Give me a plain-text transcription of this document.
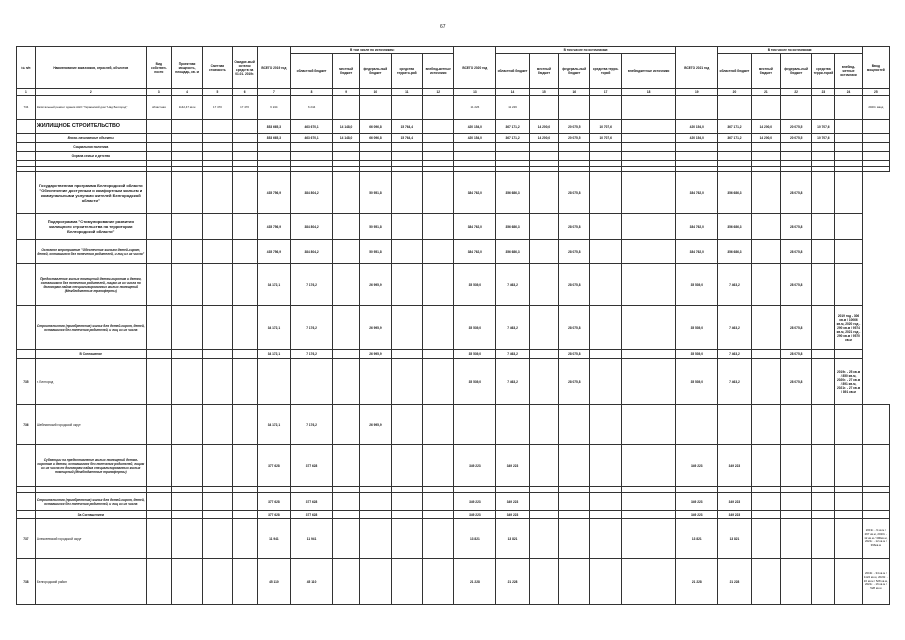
67
№ п/п	Наименование заказчиков, отраслей, объектов	Вид собствен-ности	Проектная мощность, площадь, кв. м	Сметная стоимость	Ожидае-мый остаток средств на 01.01. 2019г.	ВСЕГО 2019 год	В том числе по источникам:					ВСЕГО 2020 год	В том числе по источникам:					ВСЕГО 2021 год	В том числе по источникам:					Ввод мощностей
							областной бюджет	местный бюджет	федераль-ный бюджет	средства террито-рий	внебюд-жетные источники		областной бюджет	местный бюджет	федераль-ный бюджет	средства терри-торий	внебюджетные источники		областной бюджет	местный бюджет	федераль-ный бюджет	средства терри-торий	внебюд-жетные источники	
1	2	3	4	5	6	7	8	9	10	11	12	13	14	15	16	17	18	19	20	21	22	23	24	25
734	Капитальный ремонт здания АНО "Украинский дом "Над Белгород"	областная	1142,47 кв.м	17 470	17 470	6 244	6 244					11 226	11 226											2020г. ввод
	ЖИЛИЩНОЕ СТРОИТЕЛЬСТВО					853 665,3	463 670,1	14 148,0	66 096,8	15 764,4		420 154,0	367 171,2	14 200,0	20 075,5	10 707,6		420 154,0	367 171,2	14 200,0	20 075,5	10 707,6		
	Вновь начинаемые объекты					853 665,3	463 670,1	14 148,0	66 096,8	15 764,4		420 154,0	367 171,2	14 200,0	20 075,5	10 707,6		420 154,0	367 171,2	14 200,0	20 075,5	10 707,6		
	Социальная политика																							
	Охрана семьи и детства																							

	Государственная программа Белгородской области "Обеспечение доступным и комфортным жильем и коммунальными услугами жителей Белгородской области"					435 756,9	384 804,2		50 951,8			384 762,0	356 686,3		28 075,8			384 762,0	356 686,3		28 075,8			
	Подпрограмма "Стимулирование развития жилищного строительства на территории Белгородской области"					435 756,9	384 804,2		50 951,8			384 762,0	356 686,3		28 075,8			384 762,0	356 686,3		28 075,8			
	Основное мероприятие "Обеспечение жильем детей-сирот, детей, оставшихся без попечения родителей, и лиц из их числа"					435 756,9	384 804,2		50 951,8			384 762,0	356 686,3		28 075,8			384 762,0	356 686,3		28 075,8			
	Предоставление жилых помещений детям-сиротам и детям, оставшимся без попечения родителей, лицам из их числа по договорам найма специализированных жилых помещений (Межбюджетные трансферты)					34 172,1	7 176,2		26 995,9			35 539,0	7 463,2		28 075,8			35 539,0	7 463,2		28 075,8			
	Строительство (приобретение) жилья для детей-сирот, детей, оставшихся без попечения родителей, и лиц из их числа					34 172,1	7 176,2		26 995,9			35 539,0	7 463,2		28 075,8			35 539,0	7 463,2		28 075,8		2019 год - 306 кв.м / 10066 кв.м, 2020 год - 290 кв.м / 9574 кв.м, 2021 год - 290 кв.м / 9570 кв.м	
	В Соглашение					34 172,1	7 176,2		26 995,9			35 539,0	7 463,2		28 075,8			35 539,0	7 463,2		28 075,8			
735	г. Белгород											35 539,0	7 463,2		28 075,8			35 539,0	7 463,2		28 075,8		2019г. - 25 кв.м / 850 кв.м, 2020г. - 27 кв.м / 891 кв.м, 2021г. - 27 кв.м / 891 кв.м	
736	Шебекинский городской округ					34 172,1	7 176,2		26 995,9															
	Субвенции на предоставление жилых помещений детям-сиротам и детям, оставшимся без попечения родителей, лицам из их числа по договорам найма специализированных жилых помещений (Межбюджетные трансферты)					377 628	377 628					349 223	349 223					349 223	349 223					

	Строительство (приобретение) жилья для детей-сирот, детей, оставшихся без попечения родителей, и лиц из их числа					377 628	377 628					349 223	349 223					349 223	349 223					
	За Соглашением					377 628	377 628					349 223	349 223					349 223	349 223					
737	Алексеевский городской округ					11 941	11 941					13 821	13 821					13 821	13 821					2019г. - 9 кв.м / 297 кв.м, 2020г. - 12 кв.м / 396кв.м, 2021г. - 12 кв.м / 396кв.м
738	Белгородский район					45 110	45 110					21 228	21 228					21 228	21 228					2019г. - 34 кв.м / 1122 кв.м, 2020г. - 16 кв.м / 528 кв.м, 2021г. - 16 кв.м / 528 кв.м
